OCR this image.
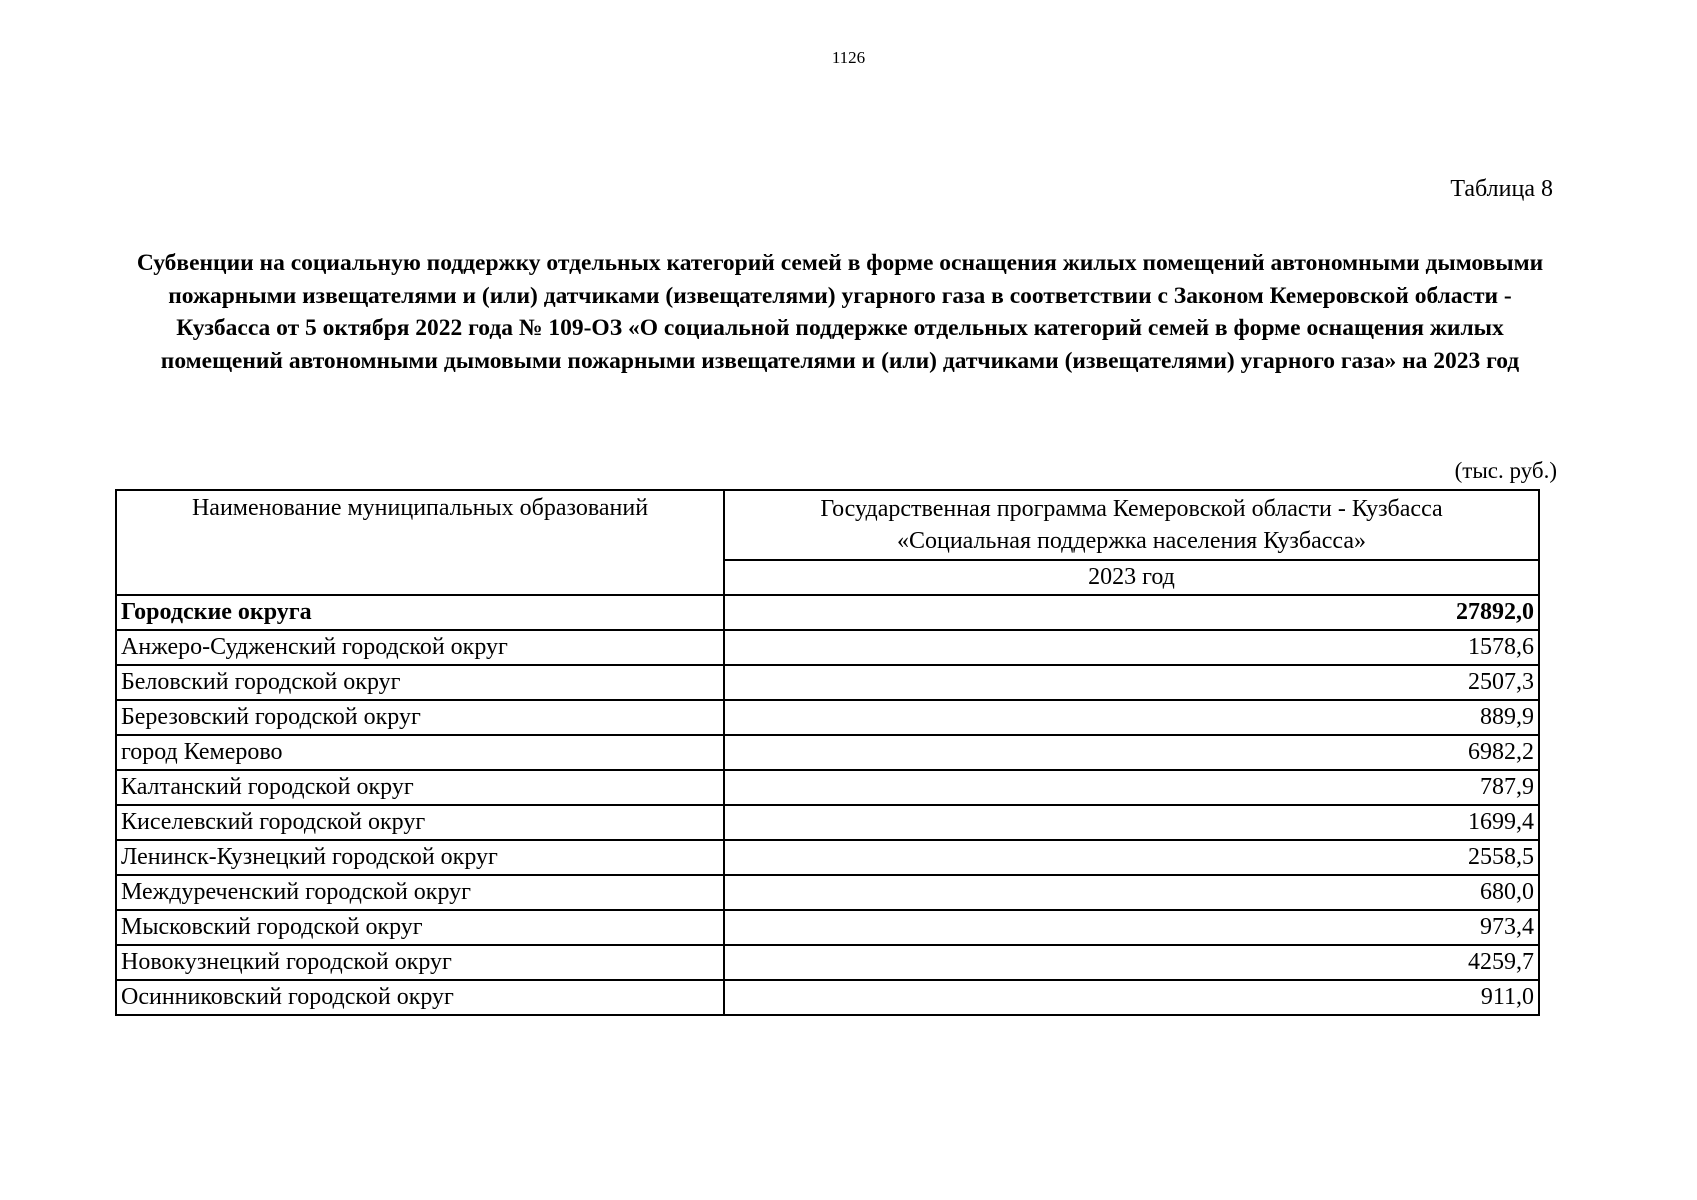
1126
Таблица 8
Субвенции на социальную поддержку отдельных категорий семей в форме оснащения жилых помещений автономными дымовыми пожарными извещателями и (или) датчиками (извещателями) угарного газа в соответствии с Законом Кемеровской области - Кузбасса от 5 октября 2022 года № 109-ОЗ «О социальной поддержке отдельных категорий семей в форме оснащения жилых помещений автономными дымовыми пожарными извещателями и (или) датчиками (извещателями) угарного газа» на 2023 год
(тыс. руб.)
Наименование муниципальных образований	Государственная программа Кемеровской области - Кузбасса
«Социальная поддержка населения Кузбасса»
	2023 год
Городские округа	27892,0
Анжеро-Судженский городской округ	1578,6
Беловский городской округ	2507,3
Березовский городской округ	889,9
город Кемерово	6982,2
Калтанский городской округ	787,9
Киселевский городской округ	1699,4
Ленинск-Кузнецкий городской округ	2558,5
Междуреченский городской округ	680,0
Мысковский городской округ	973,4
Новокузнецкий городской округ	4259,7
Осинниковский городской округ	911,0
